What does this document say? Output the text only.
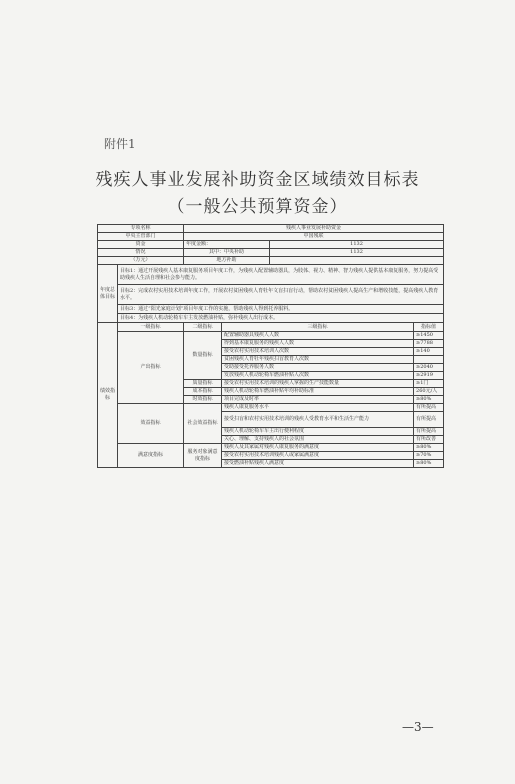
附件1
残疾人事业发展补助资金区域绩效目标表
（一般公共预算资金）
专项名称		残疾人事业发展补助资金			
中央主管部门		中国残联			
资金		年度金额：		1132	
情况		其中：中央补助		1132	
（万元）		地方补助			
年度总体目标	目标1：通过开展残疾人基本康复服务项目年度工作，为残疾人配置辅助器具，为肢体、视力、精神、智力残疾人提供基本康复服务，努力提高受助残疾人生活自理和社会参与能力。				
	目标2：完成农村实用技术培训年度工作，开展农村贫困残疾人育牡年文盲扫盲行动，帮助农村贫困残疾人提高生产和增收技能，提高残疾人教育水平。				
	目标3：通过“阳光家庭计划”项目年度工作的实施，帮助残疾人得到托养服料。				
	目标4：为残疾人机动轮椅车车主发放燃油补贴，弥补残疾人出行成本。				
绩效指标	一级指标	二级指标	三级指标		指标值
	产出指标	数量指标	配置辅助器具残疾人人数		≥1450
			得到基本康复服务的残疾人人数		≥7788
			接受农村实用技术培训人次数		≥140
			贫困残疾人育牡年残疾扫盲教育人次数		
			受助接受托养服务人数		≥2040
			发放残疾人机动轮椅车燃油补贴人次数		≥2919
		质量指标	接受农村实用技术培训的残疾人掌握的生产技能数量		≥1门
		成本指标	残疾人机动轮椅车燃油补贴年均补助标准		260元/人
		时效指标	项目完成及时率		≥80%
	效益指标	社会效益指标	残疾人康复服务水平		有所提高
			接受扫盲和农村实用技术培训的残疾人受教育水平和生活生产能力		有所提高
			残疾人机动轮椅车车主出行便利程度		有所提高
			关心、理解、支持残疾人的社会氛围		有所改善
	满意度指标	服务对象满意度指标	残疾人及其家属对残疾人康复服务的满意度		≥80%
			接受农村实用技术培训残疾人或家属满意度		≥70%
			接受燃油补贴残疾人满意度		≥80%
—3—
